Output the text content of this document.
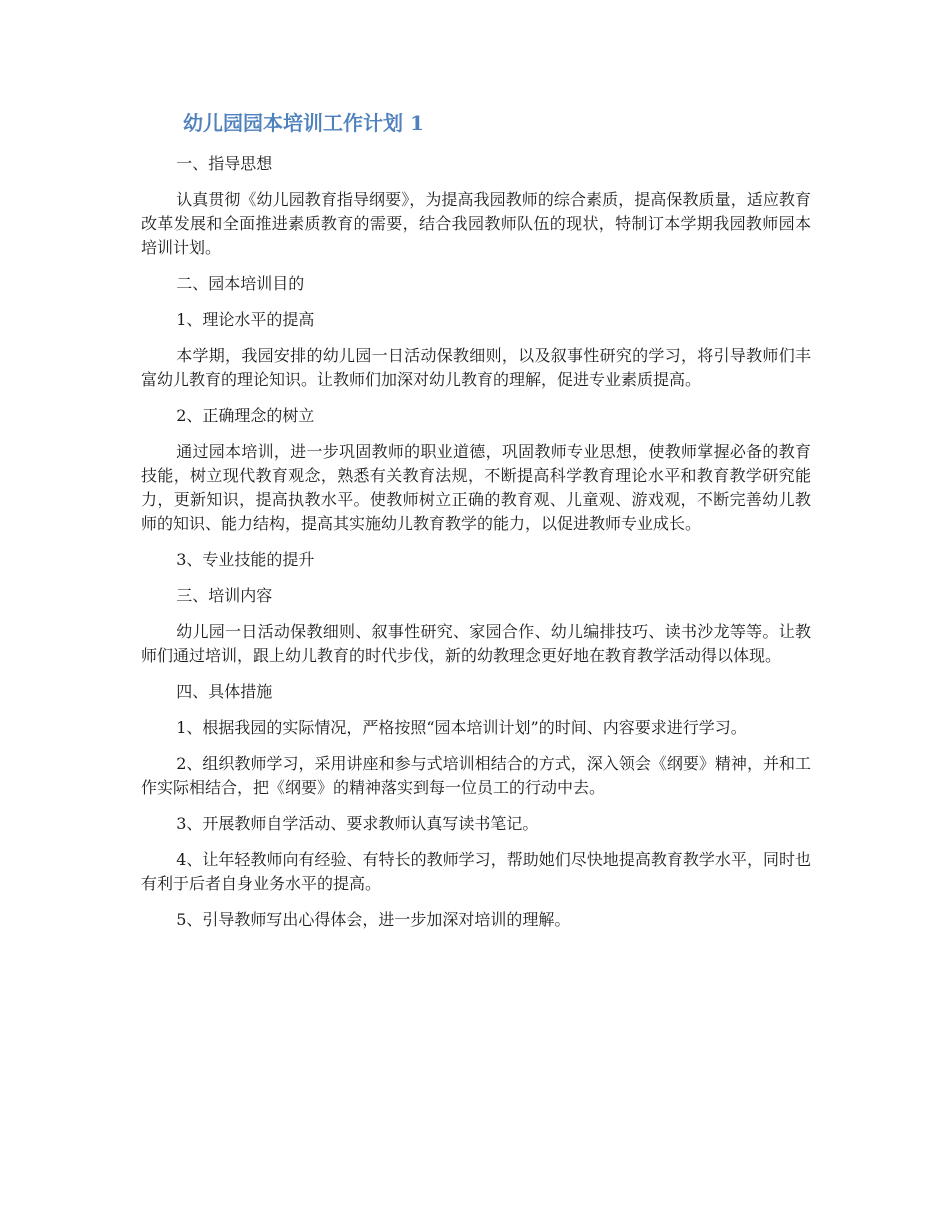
幼儿园园本培训工作计划 1

一、指导思想

认真贯彻《幼儿园教育指导纲要》，为提高我园教师的综合素质，提高保教质量，适应教育改革发展和全面推进素质教育的需要，结合我园教师队伍的现状，特制订本学期我园教师园本培训计划。

二、园本培训目的

1、理论水平的提高

本学期，我园安排的幼儿园一日活动保教细则，以及叙事性研究的学习，将引导教师们丰富幼儿教育的理论知识。让教师们加深对幼儿教育的理解，促进专业素质提高。

2、正确理念的树立

通过园本培训，进一步巩固教师的职业道德，巩固教师专业思想，使教师掌握必备的教育技能，树立现代教育观念，熟悉有关教育法规，不断提高科学教育理论水平和教育教学研究能力，更新知识，提高执教水平。使教师树立正确的教育观、儿童观、游戏观，不断完善幼儿教师的知识、能力结构，提高其实施幼儿教育教学的能力，以促进教师专业成长。

3、专业技能的提升

三、培训内容

幼儿园一日活动保教细则、叙事性研究、家园合作、幼儿编排技巧、读书沙龙等等。让教师们通过培训，跟上幼儿教育的时代步伐，新的幼教理念更好地在教育教学活动得以体现。

四、具体措施

1、根据我园的实际情况，严格按照“园本培训计划”的时间、内容要求进行学习。

2、组织教师学习，采用讲座和参与式培训相结合的方式，深入领会《纲要》精神，并和工作实际相结合，把《纲要》的精神落实到每一位员工的行动中去。

3、开展教师自学活动、要求教师认真写读书笔记。

4、让年轻教师向有经验、有特长的教师学习，帮助她们尽快地提高教育教学水平，同时也有利于后者自身业务水平的提高。

5、引导教师写出心得体会，进一步加深对培训的理解。
